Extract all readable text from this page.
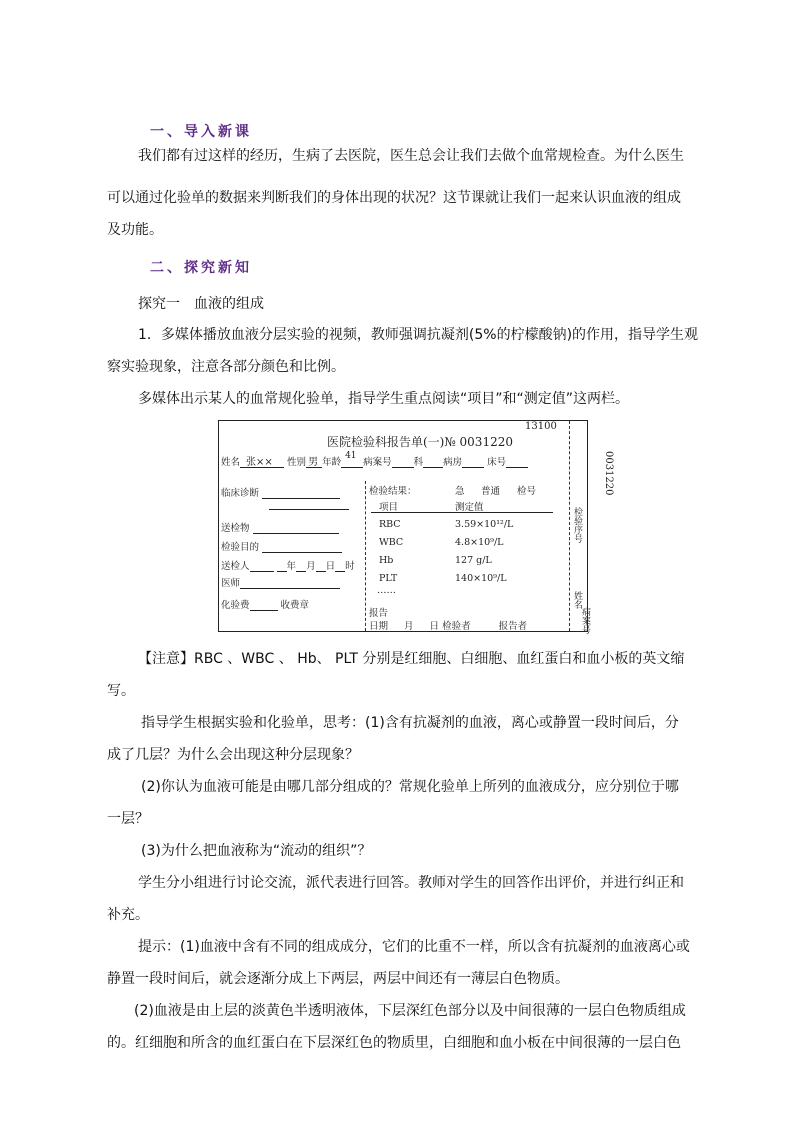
一、导入新课

我们都有过这样的经历，生病了去医院，医生总会让我们去做个血常规检查。为什么医生

可以通过化验单的数据来判断我们的身体出现的状况？这节课就让我们一起来认识血液的组成

及功能。

二、探究新知

探究一　血液的组成

1．多媒体播放血液分层实验的视频，教师强调抗凝剂(5%的柠檬酸钠)的作用，指导学生观

察实验现象，注意各部分颜色和比例。

多媒体出示某人的血常规化验单，指导学生重点阅读“项目”和“测定值”这两栏。

13100
医院检验科报告单(一)№ 0031220
姓名 张×× 性别 男 年龄
41
病案号 科 病房	床号
临床诊断
送检物
检验目的
送检人	年 月 日 时
医师
化验费	收费章
检验结果：	急 普通 检号
项目	测定值
RBC	3.59×10¹²/L
WBC	4.8×10⁹/L
Hb	127 g/L
PLT	140×10⁹/L
……
报告
日期 月 日 检验者	报告者
检验序号
0031220
姓名
病案号

【注意】RBC 、WBC 、 Hb、 PLT 分别是红细胞、白细胞、血红蛋白和血小板的英文缩

写。

指导学生根据实验和化验单，思考：(1)含有抗凝剂的血液，离心或静置一段时间后，分

成了几层？为什么会出现这种分层现象？

(2)你认为血液可能是由哪几部分组成的？常规化验单上所列的血液成分，应分别位于哪

一层？

(3)为什么把血液称为“流动的组织”？

学生分小组进行讨论交流，派代表进行回答。教师对学生的回答作出评价，并进行纠正和

补充。

提示：(1)血液中含有不同的组成成分，它们的比重不一样，所以含有抗凝剂的血液离心或

静置一段时间后，就会逐渐分成上下两层，两层中间还有一薄层白色物质。

(2)血液是由上层的淡黄色半透明液体，下层深红色部分以及中间很薄的一层白色物质组成

的。红细胞和所含的血红蛋白在下层深红色的物质里，白细胞和血小板在中间很薄的一层白色
